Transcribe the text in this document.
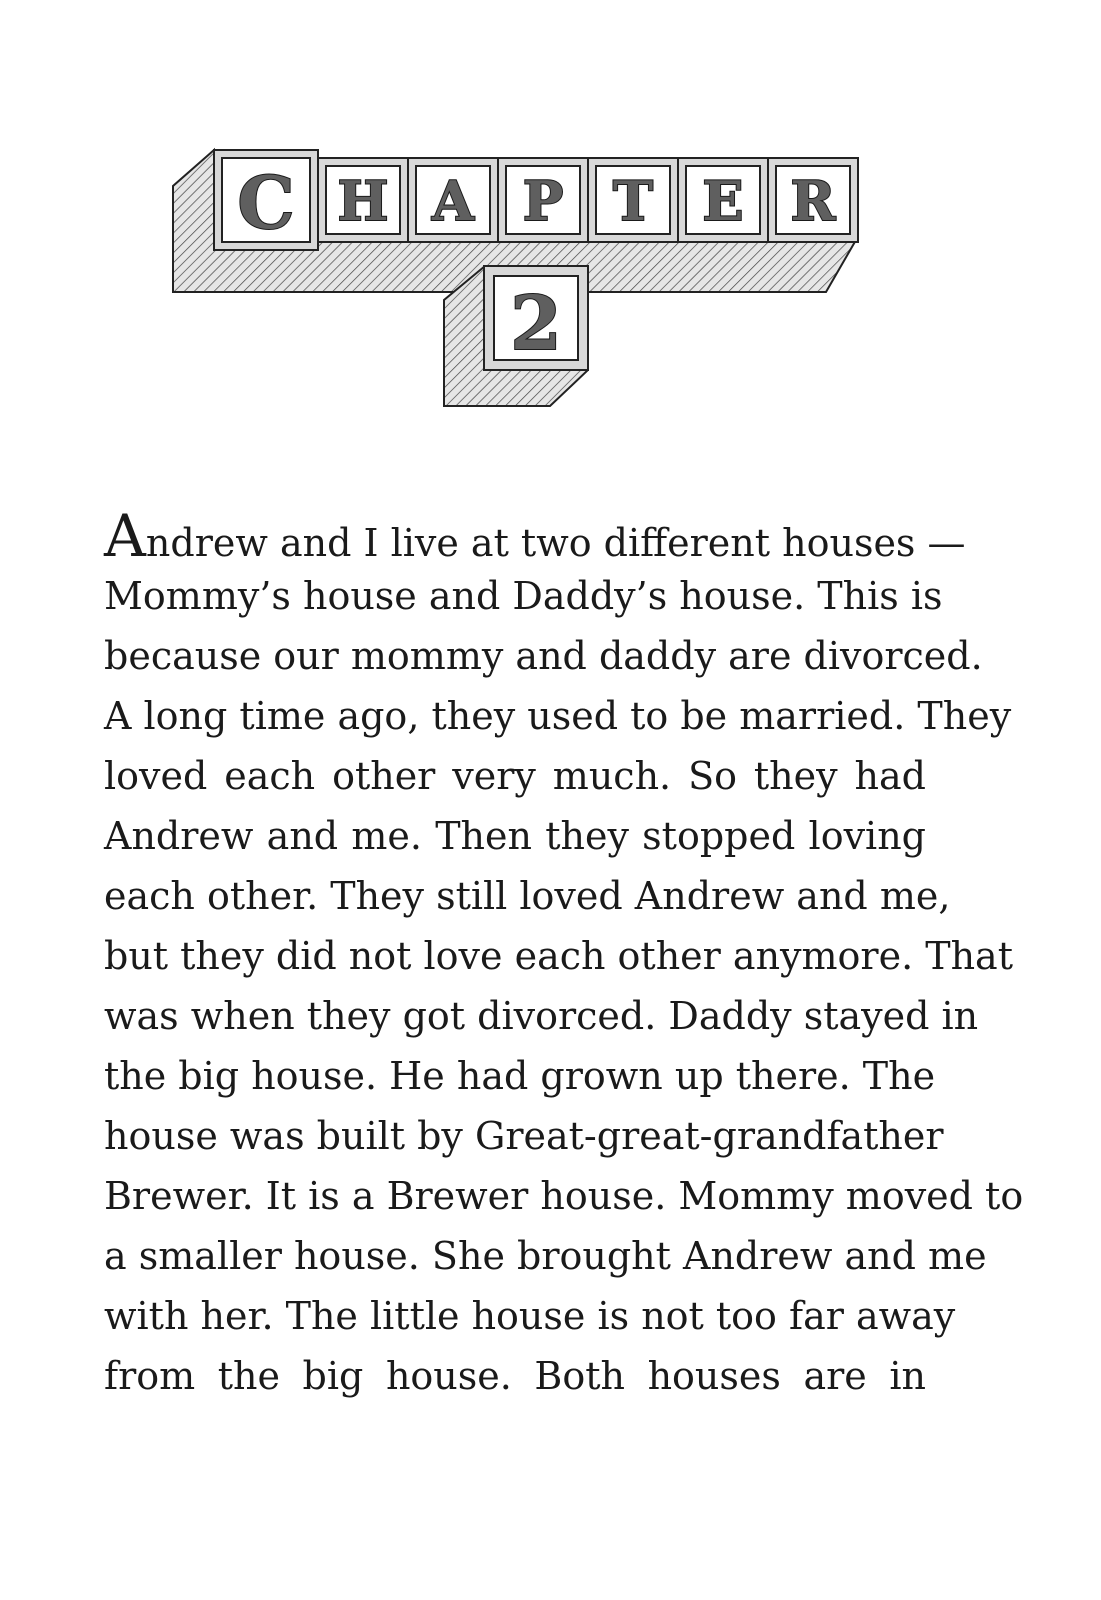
C H A P T E R
2
Andrew and I live at two different houses —
Mommy’s house and Daddy’s house. This is
because our mommy and daddy are divorced.
A long time ago, they used to be married. They
loved each other very much. So they had
Andrew and me. Then they stopped loving
each other. They still loved Andrew and me,
but they did not love each other anymore. That
was when they got divorced. Daddy stayed in
the big house. He had grown up there. The
house was built by Great-great-grandfather
Brewer. It is a Brewer house. Mommy moved to
a smaller house. She brought Andrew and me
with her. The little house is not too far away
from the big house. Both houses are in
